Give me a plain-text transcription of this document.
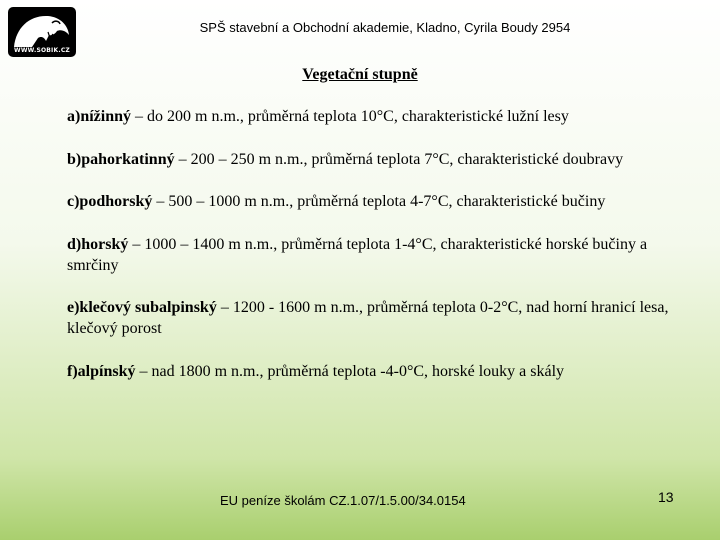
WWW.SOBIK.CZ
SPŠ stavební a Obchodní akademie, Kladno, Cyrila Boudy 2954
Vegetační stupně

a)nížinný – do 200 m n.m., průměrná teplota 10°C, charakteristické lužní lesy

b)pahorkatinný – 200 – 250 m n.m., průměrná teplota 7°C, charakteristické doubravy

c)podhorský – 500 – 1000 m n.m., průměrná teplota 4-7°C, charakteristické bučiny

d)horský – 1000 – 1400 m n.m., průměrná teplota 1-4°C, charakteristické horské bučiny a smrčiny

e)klečový subalpinský – 1200 - 1600 m n.m., průměrná teplota 0-2°C, nad horní hranicí lesa, klečový porost

f)alpínský – nad 1800 m n.m., průměrná teplota -4-0°C, horské louky a skály

EU peníze školám CZ.1.07/1.5.00/34.0154	13
